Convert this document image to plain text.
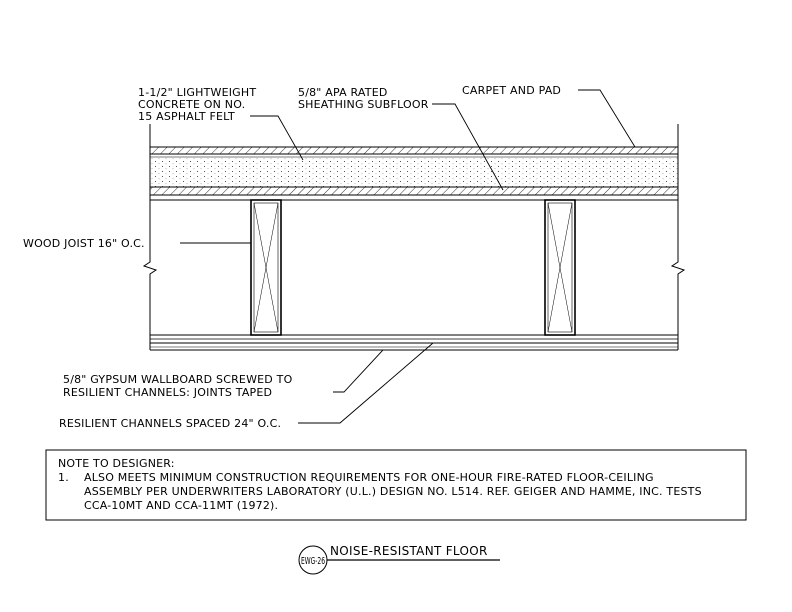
1-1/2" LIGHTWEIGHT
CONCRETE ON NO.
15 ASPHALT FELT
5/8" APA RATED
SHEATHING SUBFLOOR
CARPET AND PAD
WOOD JOIST 16" O.C.
5/8" GYPSUM WALLBOARD SCREWED TO
RESILIENT CHANNELS: JOINTS TAPED
RESILIENT CHANNELS SPACED 24" O.C.
NOTE TO DESIGNER:
1. ALSO MEETS MINIMUM CONSTRUCTION REQUIREMENTS FOR ONE-HOUR FIRE-RATED FLOOR-CEILING
ASSEMBLY PER UNDERWRITERS LABORATORY (U.L.) DESIGN NO. L514. REF. GEIGER AND HAMME, INC. TESTS
CCA-10MT AND CCA-11MT (1972).
EWG-26
NOISE-RESISTANT FLOOR
